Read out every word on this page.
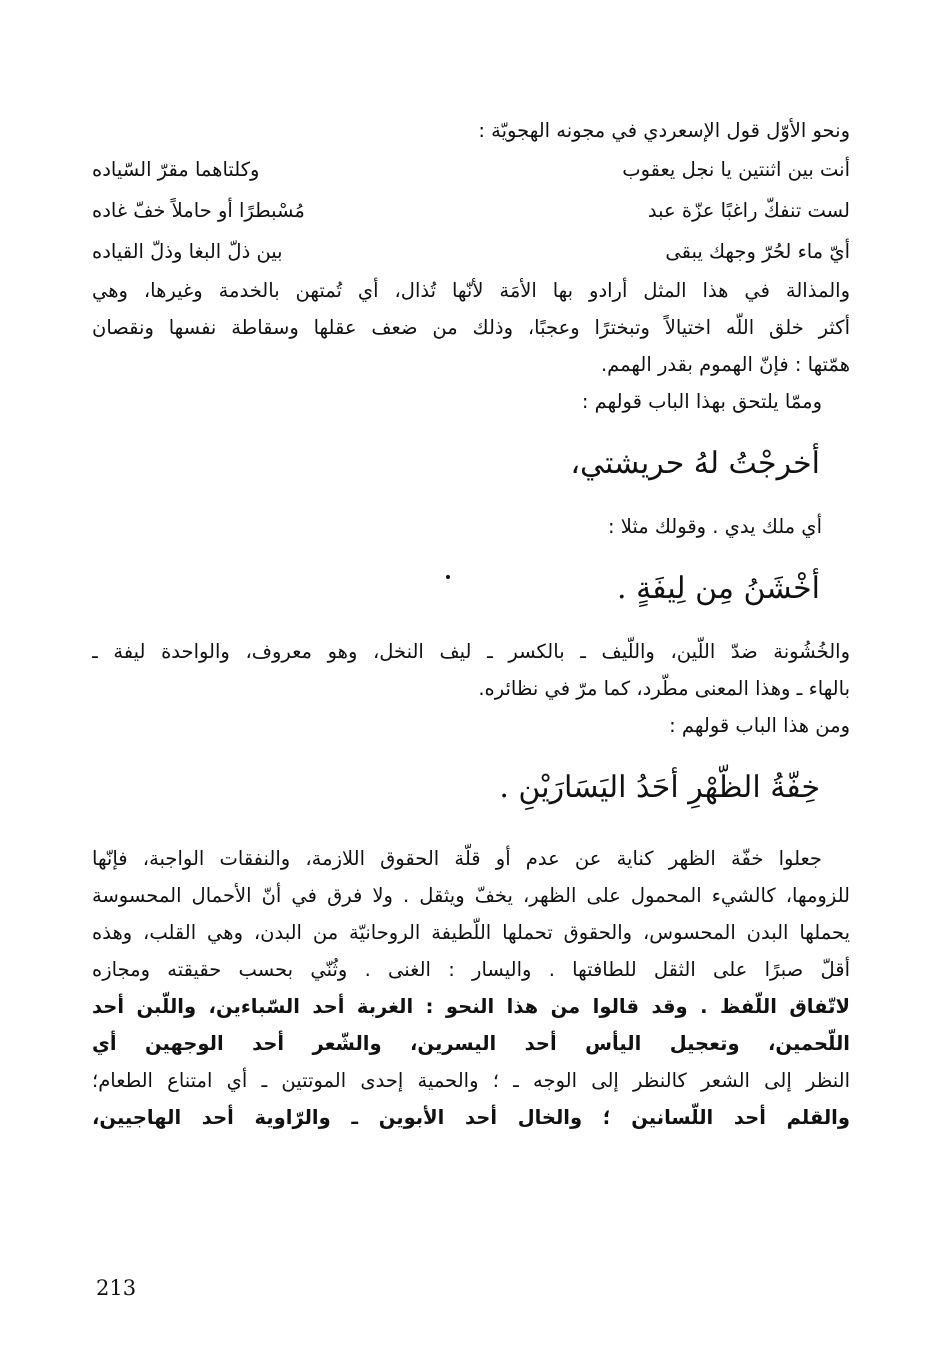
ونحو الأوّل قول الإسعردي في مجونه الهجويّة :
أنت بين اثنتين يا نجل يعقوب
وكلتاهما مقرّ السّياده
لست تنفكّ راغبًا عزّة عبد
مُسْبطرًا أو حاملاً خفّ غاده
أيّ ماء لحُرّ وجهك يبقى
بين ذلّ البغا وذلّ القياده
والمذالة في هذا المثل أرادو بها الأمَة لأنّها تُذال، أي تُمتهن بالخدمة وغيرها، وهي
أكثر خلق اللّه اختيالاً وتبخترًا وعجبًا، وذلك من ضعف عقلها وسقاطة نفسها ونقصان
همّتها : فإنّ الهموم بقدر الهمم.
وممّا يلتحق بهذا الباب قولهم :
أخرجْتُ لهُ حريشتي،
أي ملك يدي . وقولك مثلا :
أخْشَنُ مِن لِيفَةٍ .
والخُشُونة ضدّ اللّين، واللّيف ـ بالكسر ـ ليف النخل، وهو معروف، والواحدة ليفة ـ
بالهاء ـ وهذا المعنى مطّرد، كما مرّ في نظائره.
ومن هذا الباب قولهم :
خِفّةُ الظّهْرِ أحَدُ اليَسَارَيْنِ .
جعلوا خفّة الظهر كناية عن عدم أو قلّة الحقوق اللازمة، والنفقات الواجبة، فإنّها
للزومها، كالشيء المحمول على الظهر، يخفّ ويثقل . ولا فرق في أنّ الأحمال المحسوسة
يحملها البدن المحسوس، والحقوق تحملها اللّطيفة الروحانيّة من البدن، وهي القلب، وهذه
أقلّ صبرًا على الثقل للطافتها . واليسار : الغنى . وثُنّي بحسب حقيقته ومجازه
لاتّفاق اللّفظ . وقد قالوا من هذا النحو : الغربة أحد السّباءين، واللّبن أحد
اللّحمين، وتعجيل اليأس أحد اليسرين، والشّعر أحد الوجهين أي
النظر إلى الشعر كالنظر إلى الوجه ـ ؛ والحمية إحدى الموتتين ـ أي امتناع الطعام؛
والقلم أحد اللّسانين ؛ والخال أحد الأبوين ـ والرّاوية أحد الهاجيين،
213
